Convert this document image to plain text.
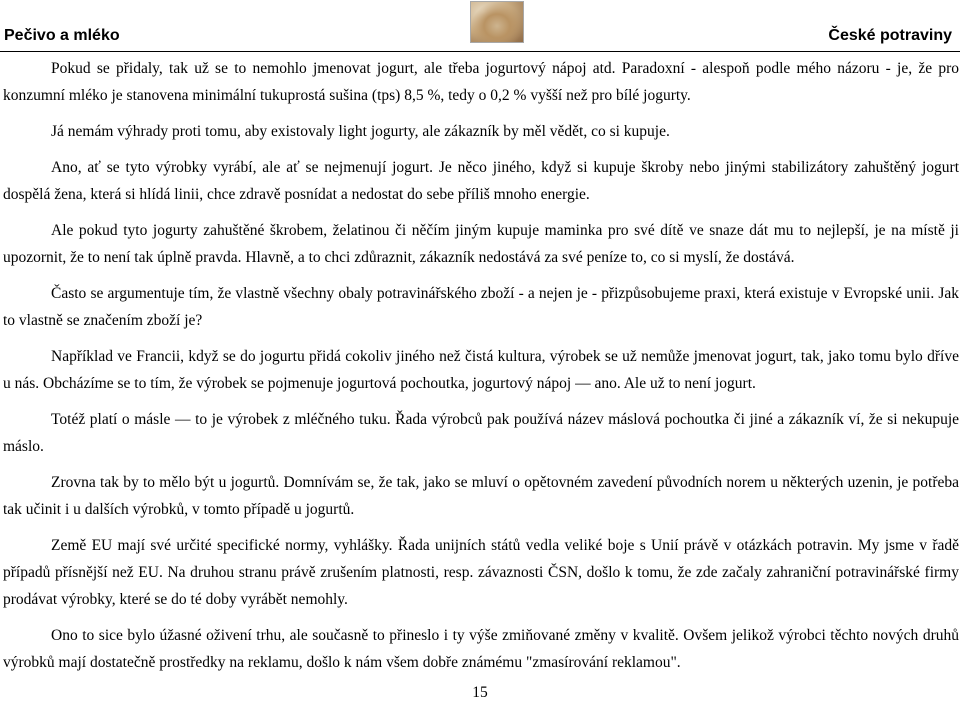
Pečivo a mléko	České potraviny

Pokud se přidaly, tak už se to nemohlo jmenovat jogurt, ale třeba jogurtový nápoj atd. Paradoxní - alespoň podle mého názoru - je, že pro konzumní mléko je stanovena minimální tukuprostá sušina (tps) 8,5 %, tedy o 0,2 % vyšší než pro bílé jogurty.

Já nemám výhrady proti tomu, aby existovaly light jogurty, ale zákazník by měl vědět, co si kupuje.

Ano, ať se tyto výrobky vyrábí, ale ať se nejmenují jogurt. Je něco jiného, když si kupuje škroby nebo jinými stabilizátory zahuštěný jogurt dospělá žena, která si hlídá linii, chce zdravě posnídat a nedostat do sebe příliš mnoho energie.

Ale pokud tyto jogurty zahuštěné škrobem, želatinou či něčím jiným kupuje maminka pro své dítě ve snaze dát mu to nejlepší, je na místě ji upozornit, že to není tak úplně pravda. Hlavně, a to chci zdůraznit, zákazník nedostává za své peníze to, co si myslí, že dostává.

Často se argumentuje tím, že vlastně všechny obaly potravinářského zboží - a nejen je - přizpůsobujeme praxi, která existuje v Evropské unii. Jak to vlastně se značením zboží je?

Například ve Francii, když se do jogurtu přidá cokoliv jiného než čistá kultura, výrobek se už nemůže jmenovat jogurt, tak, jako tomu bylo dříve u nás. Obcházíme se to tím, že výrobek se pojmenuje jogurtová pochoutka, jogurtový nápoj — ano. Ale už to není jogurt.

Totéž platí o másle — to je výrobek z mléčného tuku. Řada výrobců pak používá název máslová pochoutka či jiné a zákazník ví, že si nekupuje máslo.

Zrovna tak by to mělo být u jogurtů. Domnívám se, že tak, jako se mluví o opětovném zavedení původních norem u některých uzenin, je potřeba tak učinit i u dalších výrobků, v tomto případě u jogurtů.

Země EU mají své určité specifické normy, vyhlášky. Řada unijních států vedla veliké boje s Unií právě v otázkách potravin. My jsme v řadě případů přísnější než EU. Na druhou stranu právě zrušením platnosti, resp. závaznosti ČSN, došlo k tomu, že zde začaly zahraniční potravinářské firmy prodávat výrobky, které se do té doby vyrábět nemohly.

Ono to sice bylo úžasné oživení trhu, ale současně to přineslo i ty výše zmiňované změny v kvalitě. Ovšem jelikož výrobci těchto nových druhů výrobků mají dostatečně prostředky na reklamu, došlo k nám všem dobře známému "zmasírování reklamou".

15
